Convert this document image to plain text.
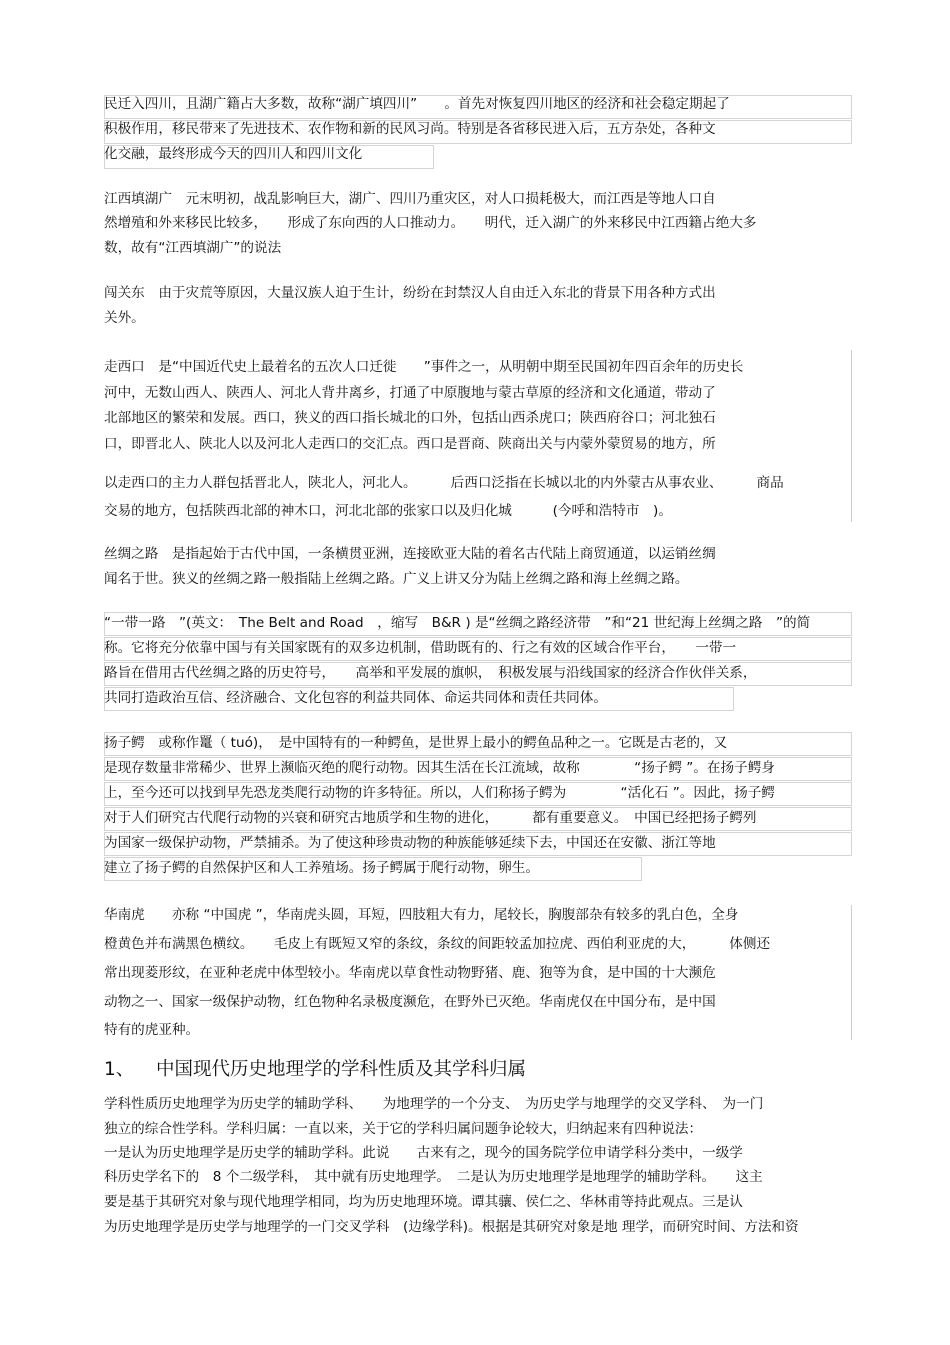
民迁入四川，且湖广籍占大多数，故称“湖广填四川”　　。首先对恢复四川地区的经济和社会稳定期起了
积极作用，移民带来了先进技术、农作物和新的民风习尚。特别是各省移民进入后，五方杂处，各种文
化交融，最终形成今天的四川人和四川文化
江西填湖广　元末明初，战乱影响巨大，湖广、四川乃重灾区，对人口损耗极大，而江西是等地人口自
然增殖和外来移民比较多，　　形成了东向西的人口推动力。　　明代，迁入湖广的外来移民中江西籍占绝大多
数，故有“江西填湖广”的说法
闯关东　由于灾荒等原因，大量汉族人迫于生计，纷纷在封禁汉人自由迁入东北的背景下用各种方式出
关外。
走西口　是“中国近代史上最着名的五次人口迁徙　　”事件之一，从明朝中期至民国初年四百余年的历史长
河中，无数山西人、陕西人、河北人背井离乡，打通了中原腹地与蒙古草原的经济和文化通道，带动了
北部地区的繁荣和发展。西口，狭义的西口指长城北的口外，包括山西杀虎口；陕西府谷口；河北独石
口，即晋北人、陕北人以及河北人走西口的交汇点。西口是晋商、陕商出关与内蒙外蒙贸易的地方，所
以走西口的主力人群包括晋北人，陕北人，河北人。　　　后西口泛指在长城以北的内外蒙古从事农业、　　　商品
交易的地方，包括陕西北部的神木口，河北北部的张家口以及归化城　　　(今呼和浩特市　)。
丝绸之路　是指起始于古代中国，一条横贯亚洲，连接欧亚大陆的着名古代陆上商贸通道，以运销丝绸
闻名于世。狭义的丝绸之路一般指陆上丝绸之路。广义上讲又分为陆上丝绸之路和海上丝绸之路。
“一带一路　”(英文：　The Belt and Road　，缩写　B&R ) 是“丝绸之路经济带　”和“21 世纪海上丝绸之路　”的简
称。它将充分依靠中国与有关国家既有的双多边机制，借助既有的、行之有效的区域合作平台，　　一带一
路旨在借用古代丝绸之路的历史符号，　　高举和平发展的旗帜，　积极发展与沿线国家的经济合作伙伴关系，
共同打造政治互信、经济融合、文化包容的利益共同体、命运共同体和责任共同体。
扬子鳄　或称作鼍（ tuó)，　是中国特有的一种鳄鱼，是世界上最小的鳄鱼品种之一。它既是古老的，又
是现存数量非常稀少、世界上濒临灭绝的爬行动物。因其生活在长江流域，故称　　　　“扬子鳄 ”。在扬子鳄身
上，至今还可以找到早先恐龙类爬行动物的许多特征。所以，人们称扬子鳄为　　　　“活化石 ”。因此，扬子鳄
对于人们研究古代爬行动物的兴衰和研究古地质学和生物的进化，　　　都有重要意义。　中国已经把扬子鳄列
为国家一级保护动物，严禁捕杀。为了使这种珍贵动物的种族能够延续下去，中国还在安徽、浙江等地
建立了扬子鳄的自然保护区和人工养殖场。扬子鳄属于爬行动物，卵生。
华南虎　　亦称 “中国虎 ”，华南虎头圆，耳短，四肢粗大有力，尾较长，胸腹部杂有较多的乳白色，全身
橙黄色并布满黑色横纹。　　毛皮上有既短又窄的条纹，条纹的间距较孟加拉虎、西伯利亚虎的大，　　　体侧还
常出现菱形纹，在亚种老虎中体型较小。华南虎以草食性动物野猪、鹿、狍等为食，是中国的十大濒危
动物之一、国家一级保护动物，红色物种名录极度濒危，在野外已灭绝。华南虎仅在中国分布，是中国
特有的虎亚种。
1、 中国现代历史地理学的学科性质及其学科归属
学科性质历史地理学为历史学的辅助学科、　　为地理学的一个分支、　为历史学与地理学的交叉学科、　为一门
独立的综合性学科。学科归属：一直以来，关于它的学科归属问题争论较大，归纳起来有四种说法：
一是认为历史地理学是历史学的辅助学科。此说　　古来有之，现今的国务院学位申请学科分类中，一级学
科历史学名下的　8 个二级学科，　其中就有历史地理学。　二是认为历史地理学是地理学的辅助学科。　　这主
要是基于其研究对象与现代地理学相同，均为历史地理环境。谭其骧、侯仁之、华林甫等持此观点。三是认
为历史地理学是历史学与地理学的一门交叉学科　(边缘学科)。根据是其研究对象是地 理学，而研究时间、方法和资
